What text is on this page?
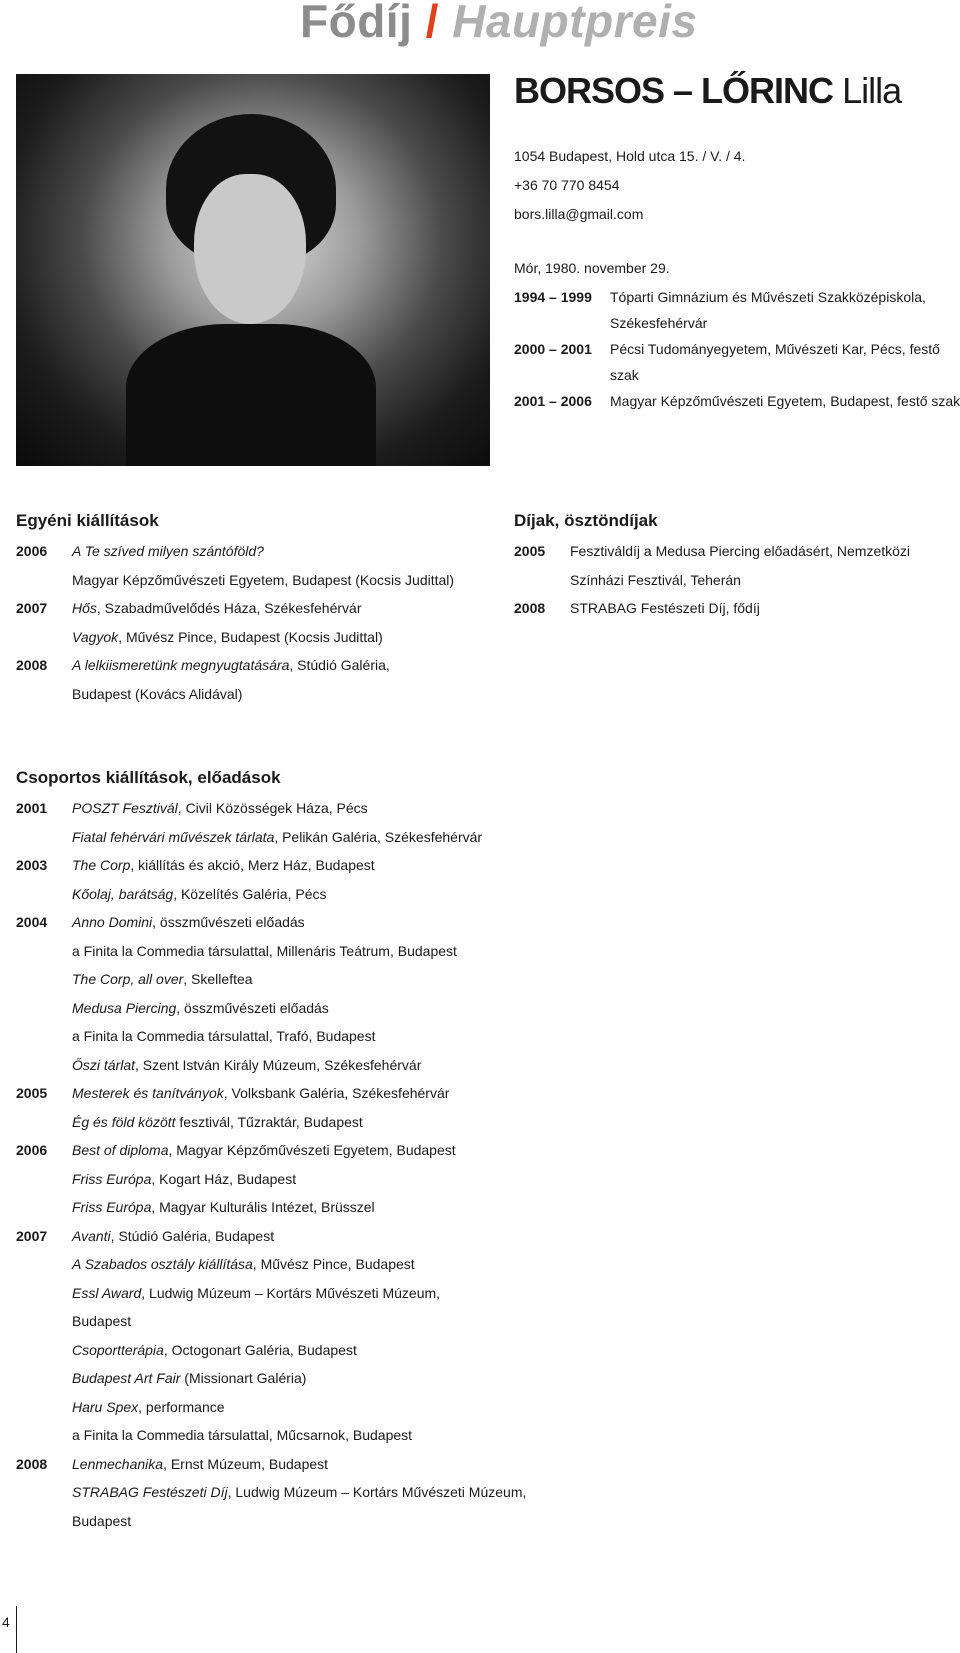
Fődíj / Hauptpreis
BORSOS – LŐRINC Lilla
1054 Budapest, Hold utca 15. / V. / 4.
+36 70 770 8454
bors.lilla@gmail.com
Mór, 1980. november 29.
1994 – 1999	Tóparti Gimnázium és Művészeti Szakközépiskola, Székesfehérvár
2000 – 2001	Pécsi Tudományegyetem, Művészeti Kar, Pécs, festő szak
2001 – 2006	Magyar Képzőművészeti Egyetem, Budapest, festő szak
Egyéni kiállítások
2006	A Te szíved milyen szántóföld?
Magyar Képzőművészeti Egyetem, Budapest (Kocsis Judittal)
2007	Hős, Szabadművelődés Háza, Székesfehérvár
Vagyok, Művész Pince, Budapest (Kocsis Judittal)
2008	A lelkiismeretünk megnyugtatására, Stúdió Galéria,
Budapest (Kovács Alidával)
Díjak, ösztöndíjak
2005	Fesztiváldíj a Medusa Piercing előadásért, Nemzetközi
Színházi Fesztivál, Teherán
2008	STRABAG Festészeti Díj, fődíj
Csoportos kiállítások, előadások
2001	POSZT Fesztivál, Civil Közösségek Háza, Pécs
Fiatal fehérvári művészek tárlata, Pelikán Galéria, Székesfehérvár
2003	The Corp, kiállítás és akció, Merz Ház, Budapest
Kőolaj, barátság, Közelítés Galéria, Pécs
2004	Anno Domini, összművészeti előadás
a Finita la Commedia társulattal, Millenáris Teátrum, Budapest
The Corp, all over, Skelleftea
Medusa Piercing, összművészeti előadás
a Finita la Commedia társulattal, Trafó, Budapest
Őszi tárlat, Szent István Király Múzeum, Székesfehérvár
2005	Mesterek és tanítványok, Volksbank Galéria, Székesfehérvár
Ég és föld között fesztivál, Tűzraktár, Budapest
2006	Best of diploma, Magyar Képzőművészeti Egyetem, Budapest
Friss Európa, Kogart Ház, Budapest
Friss Európa, Magyar Kulturális Intézet, Brüsszel
2007	Avanti, Stúdió Galéria, Budapest
A Szabados osztály kiállítása, Művész Pince, Budapest
Essl Award, Ludwig Múzeum – Kortárs Művészeti Múzeum,
Budapest
Csoportterápia, Octogonart Galéria, Budapest
Budapest Art Fair (Missionart Galéria)
Haru Spex, performance
a Finita la Commedia társulattal, Műcsarnok, Budapest
2008	Lenmechanika, Ernst Múzeum, Budapest
STRABAG Festészeti Díj, Ludwig Múzeum – Kortárs Művészeti Múzeum,
Budapest
4
